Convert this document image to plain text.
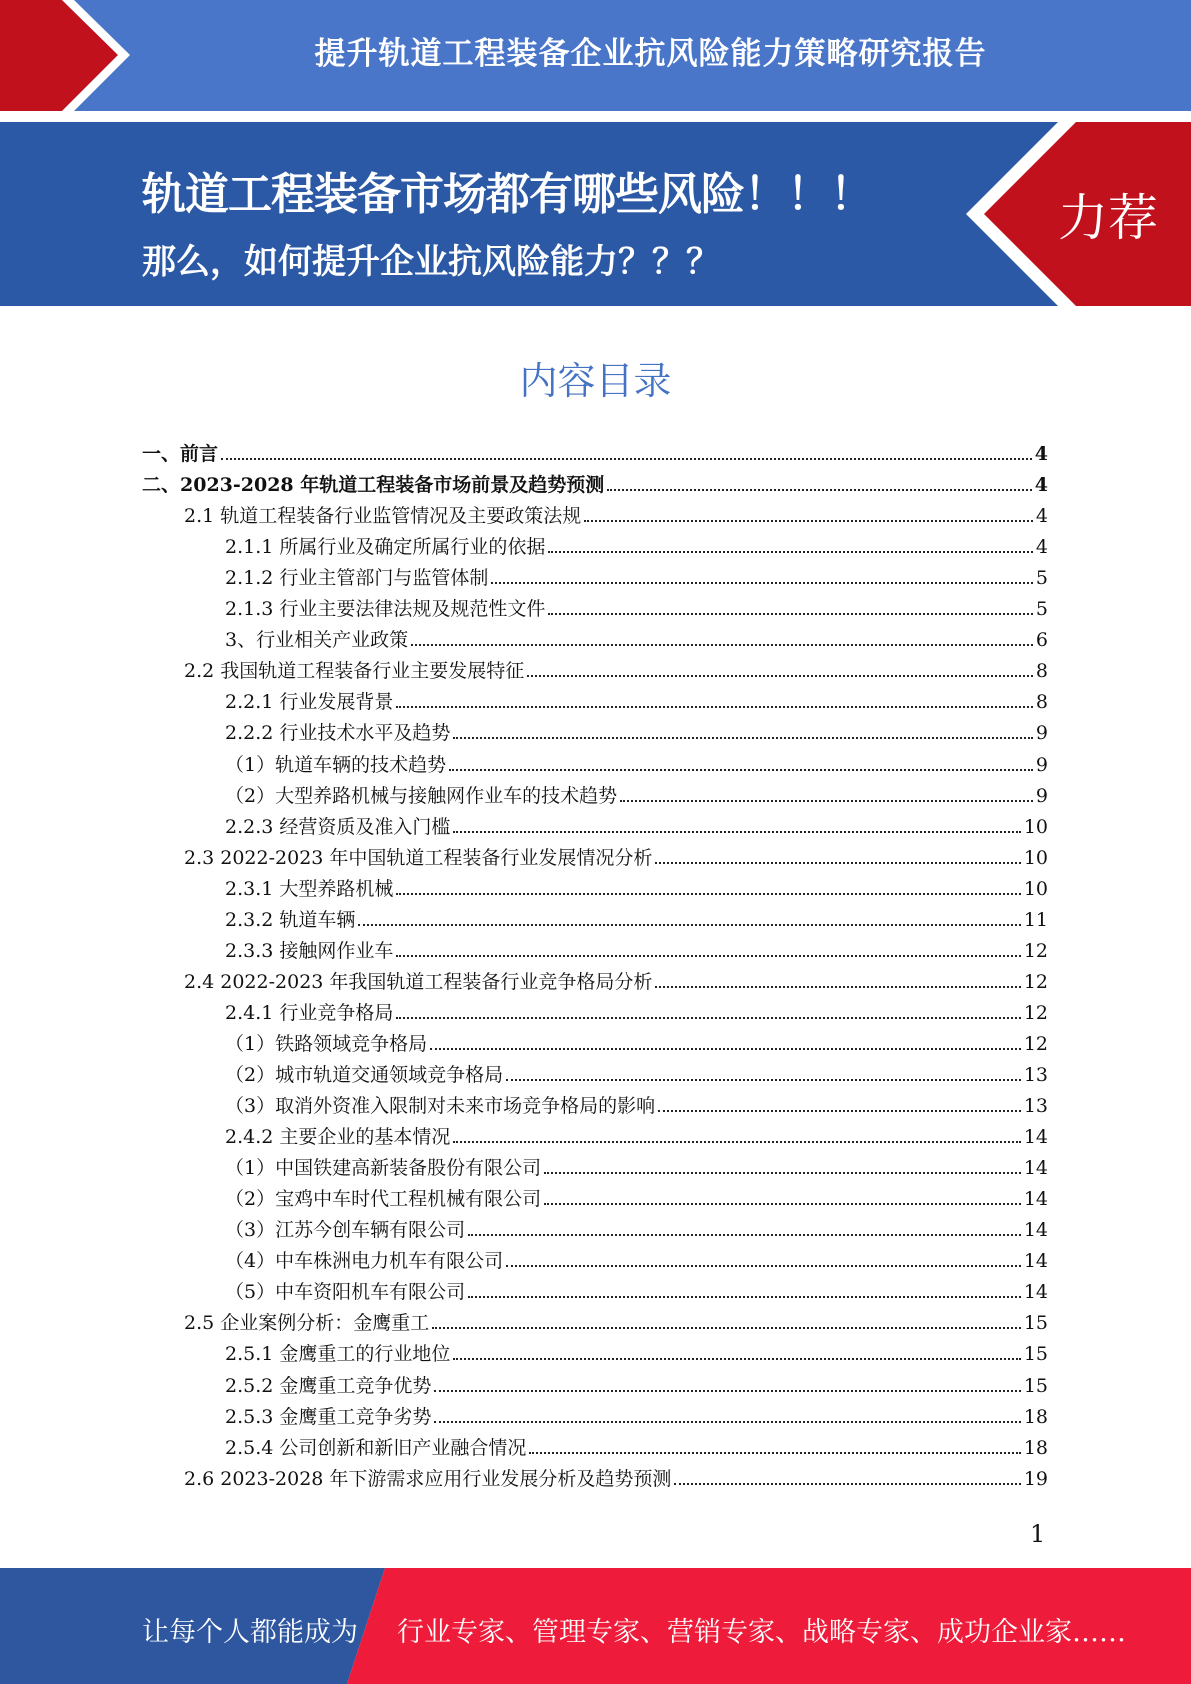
提升轨道工程装备企业抗风险能力策略研究报告
轨道工程装备市场都有哪些风险！！！
那么，如何提升企业抗风险能力？？？
力荐
内容目录
一、前言	4
二、2023-2028 年轨道工程装备市场前景及趋势预测	4
2.1 轨道工程装备行业监管情况及主要政策法规	4
2.1.1 所属行业及确定所属行业的依据	4
2.1.2 行业主管部门与监管体制	5
2.1.3 行业主要法律法规及规范性文件	5
3、行业相关产业政策	6
2.2 我国轨道工程装备行业主要发展特征	8
2.2.1 行业发展背景	8
2.2.2 行业技术水平及趋势	9
（1）轨道车辆的技术趋势	9
（2）大型养路机械与接触网作业车的技术趋势	9
2.2.3 经营资质及准入门槛	10
2.3 2022-2023 年中国轨道工程装备行业发展情况分析	10
2.3.1 大型养路机械	10
2.3.2 轨道车辆	11
2.3.3 接触网作业车	12
2.4 2022-2023 年我国轨道工程装备行业竞争格局分析	12
2.4.1 行业竞争格局	12
（1）铁路领域竞争格局	12
（2）城市轨道交通领域竞争格局	13
（3）取消外资准入限制对未来市场竞争格局的影响	13
2.4.2 主要企业的基本情况	14
（1）中国铁建高新装备股份有限公司	14
（2）宝鸡中车时代工程机械有限公司	14
（3）江苏今创车辆有限公司	14
（4）中车株洲电力机车有限公司	14
（5）中车资阳机车有限公司	14
2.5 企业案例分析：金鹰重工	15
2.5.1 金鹰重工的行业地位	15
2.5.2 金鹰重工竞争优势	15
2.5.3 金鹰重工竞争劣势	18
2.5.4 公司创新和新旧产业融合情况	18
2.6 2023-2028 年下游需求应用行业发展分析及趋势预测	19
1
让每个人都能成为 行业专家、管理专家、营销专家、战略专家、成功企业家……
